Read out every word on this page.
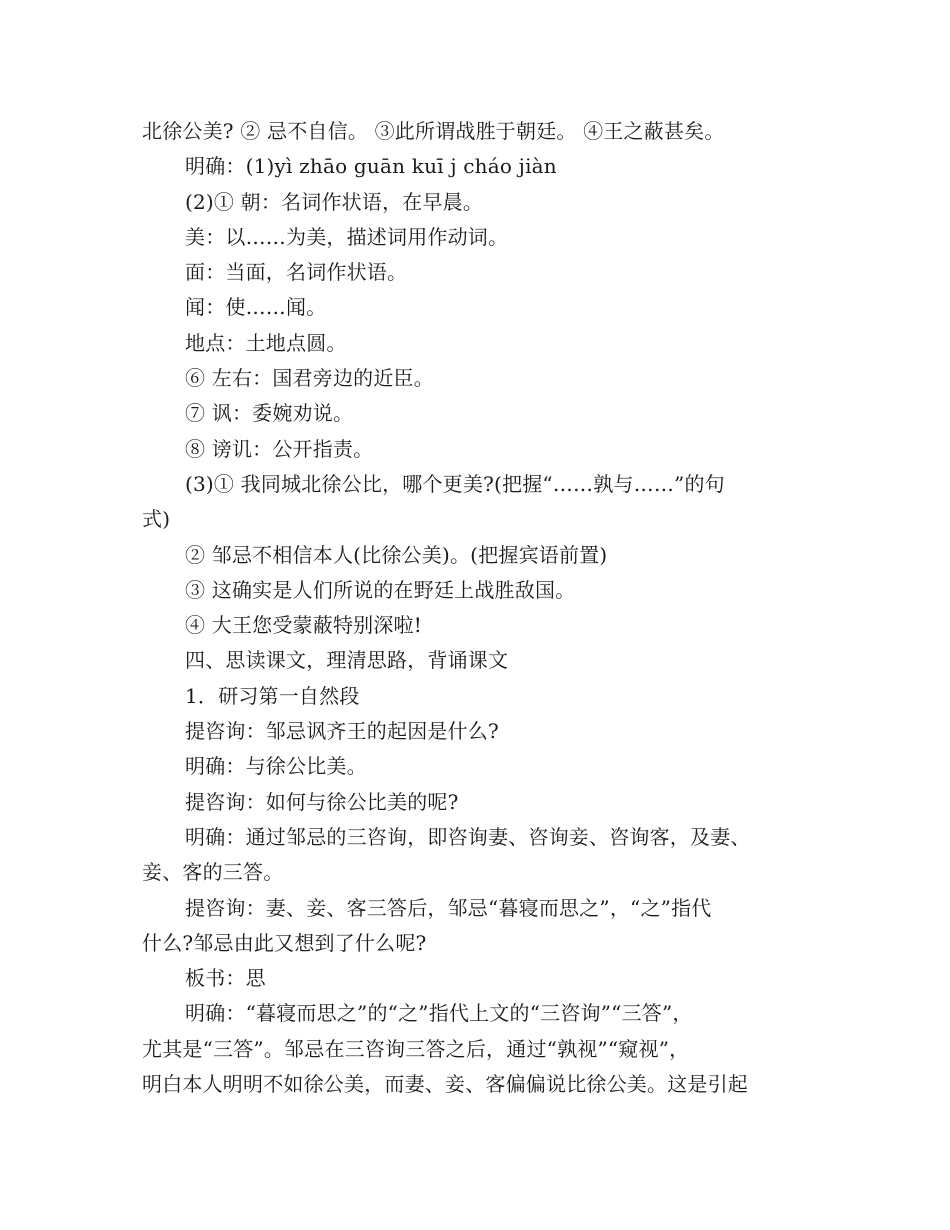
北徐公美? ② 忌不自信。 ③此所谓战胜于朝廷。 ④王之蔽甚矣。
明确：(1)yì zhāo guān kuī j cháo jiàn
(2)① 朝：名词作状语，在早晨。
美：以……为美，描述词用作动词。
面：当面，名词作状语。
闻：使……闻。
地点：土地点圆。
⑥ 左右：国君旁边的近臣。
⑦ 讽：委婉劝说。
⑧ 谤讥：公开指责。
(3)① 我同城北徐公比，哪个更美?(把握“……孰与……”的句
式)
② 邹忌不相信本人(比徐公美)。(把握宾语前置)
③ 这确实是人们所说的在野廷上战胜敌国。
④ 大王您受蒙蔽特别深啦!
四、思读课文，理清思路，背诵课文
1．研习第一自然段
提咨询：邹忌讽齐王的起因是什么?
明确：与徐公比美。
提咨询：如何与徐公比美的呢?
明确：通过邹忌的三咨询，即咨询妻、咨询妾、咨询客，及妻、
妾、客的三答。
提咨询：妻、妾、客三答后，邹忌“暮寝而思之”，“之”指代
什么?邹忌由此又想到了什么呢?
板书：思
明确：“暮寝而思之”的“之”指代上文的“三咨询”“三答”，
尤其是“三答”。邹忌在三咨询三答之后，通过“孰视”“窥视”，
明白本人明明不如徐公美，而妻、妾、客偏偏说比徐公美。这是引起
